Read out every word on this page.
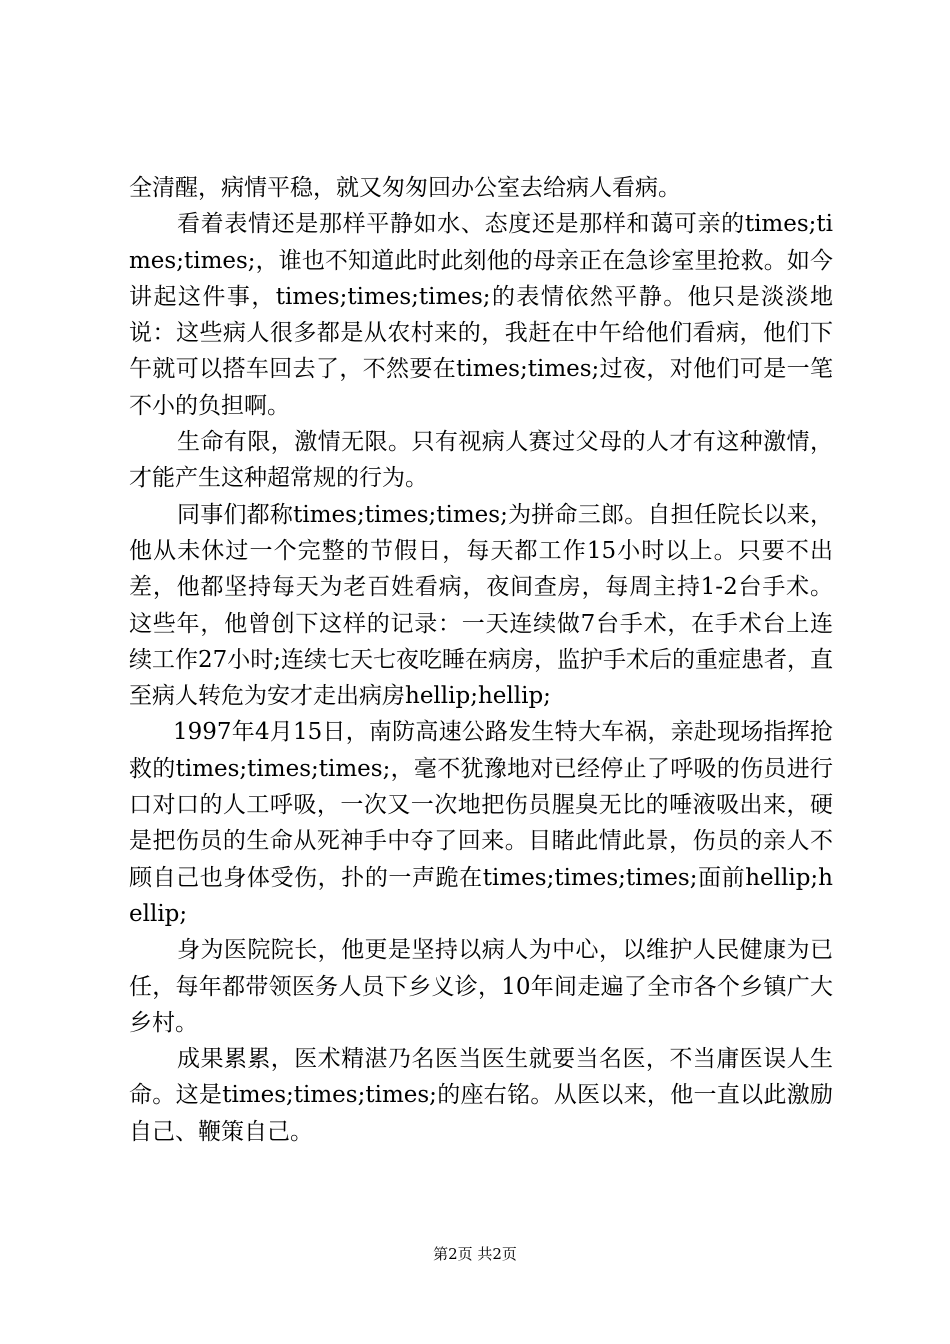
全清醒，病情平稳，就又匆匆回办公室去给病人看病。

看着表情还是那样平静如水、态度还是那样和蔼可亲的times;times;times;，谁也不知道此时此刻他的母亲正在急诊室里抢救。如今讲起这件事，times;times;times;的表情依然平静。他只是淡淡地说：这些病人很多都是从农村来的，我赶在中午给他们看病，他们下午就可以搭车回去了，不然要在times;times;过夜，对他们可是一笔不小的负担啊。

生命有限，激情无限。只有视病人赛过父母的人才有这种激情，才能产生这种超常规的行为。

同事们都称times;times;times;为拼命三郎。自担任院长以来，他从未休过一个完整的节假日，每天都工作15小时以上。只要不出差，他都坚持每天为老百姓看病，夜间查房，每周主持1-2台手术。这些年，他曾创下这样的记录：一天连续做7台手术，在手术台上连续工作27小时;连续七天七夜吃睡在病房，监护手术后的重症患者，直至病人转危为安才走出病房hellip;hellip;

1997年4月15日，南防高速公路发生特大车祸，亲赴现场指挥抢救的times;times;times;，毫不犹豫地对已经停止了呼吸的伤员进行口对口的人工呼吸，一次又一次地把伤员腥臭无比的唾液吸出来，硬是把伤员的生命从死神手中夺了回来。目睹此情此景，伤员的亲人不顾自己也身体受伤，扑的一声跪在times;times;times;面前hellip;hellip;

身为医院院长，他更是坚持以病人为中心，以维护人民健康为已任，每年都带领医务人员下乡义诊，10年间走遍了全市各个乡镇广大乡村。

成果累累，医术精湛乃名医当医生就要当名医，不当庸医误人生命。这是times;times;times;的座右铭。从医以来，他一直以此激励自己、鞭策自己。

第2页 共2页
